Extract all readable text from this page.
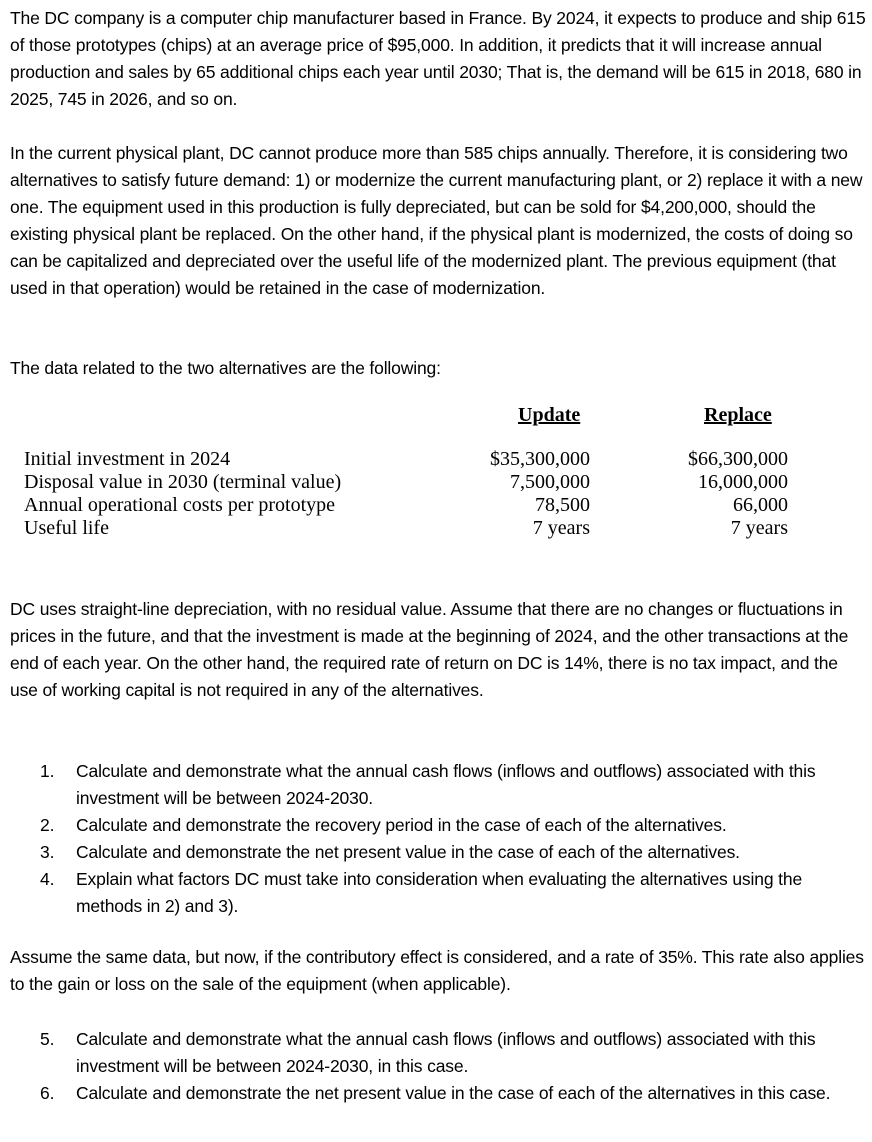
The DC company is a computer chip manufacturer based in France. By 2024, it expects to produce and ship 615 of those prototypes (chips) at an average price of $95,000. In addition, it predicts that it will increase annual production and sales by 65 additional chips each year until 2030; That is, the demand will be 615 in 2018, 680 in 2025, 745 in 2026, and so on.

In the current physical plant, DC cannot produce more than 585 chips annually. Therefore, it is considering two alternatives to satisfy future demand: 1) or modernize the current manufacturing plant, or 2) replace it with a new one. The equipment used in this production is fully depreciated, but can be sold for $4,200,000, should the existing physical plant be replaced. On the other hand, if the physical plant is modernized, the costs of doing so can be capitalized and depreciated over the useful life of the modernized plant. The previous equipment (that used in that operation) would be retained in the case of modernization.

The data related to the two alternatives are the following:

Update	Replace
Initial investment in 2024
Disposal value in 2030 (terminal value)
Annual operational costs per prototype
Useful life
$35,300,000
7,500,000
78,500
7 years
$66,300,000
16,000,000
66,000
7 years

DC uses straight-line depreciation, with no residual value. Assume that there are no changes or fluctuations in prices in the future, and that the investment is made at the beginning of 2024, and the other transactions at the end of each year. On the other hand, the required rate of return on DC is 14%, there is no tax impact, and the use of working capital is not required in any of the alternatives.

1. Calculate and demonstrate what the annual cash flows (inflows and outflows) associated with this investment will be between 2024-2030.
2. Calculate and demonstrate the recovery period in the case of each of the alternatives.
3. Calculate and demonstrate the net present value in the case of each of the alternatives.
4. Explain what factors DC must take into consideration when evaluating the alternatives using the methods in 2) and 3).

Assume the same data, but now, if the contributory effect is considered, and a rate of 35%. This rate also applies to the gain or loss on the sale of the equipment (when applicable).

5. Calculate and demonstrate what the annual cash flows (inflows and outflows) associated with this investment will be between 2024-2030, in this case.
6. Calculate and demonstrate the net present value in the case of each of the alternatives in this case.
